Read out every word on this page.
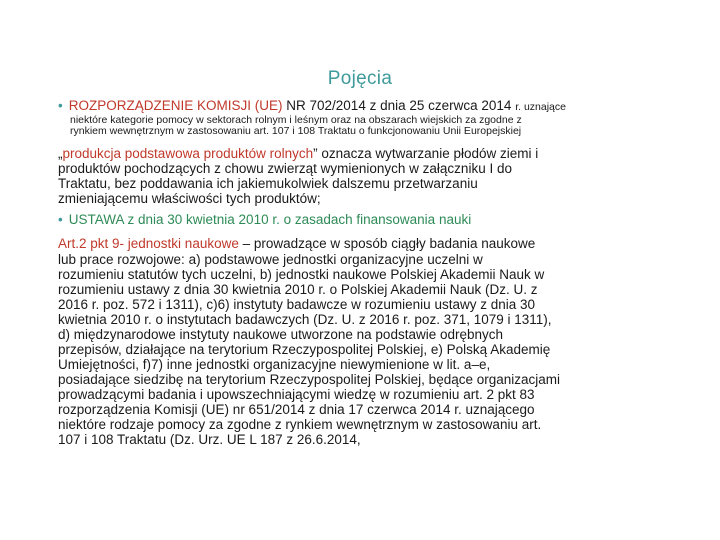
Pojęcia
• ROZPORZĄDZENIE KOMISJI (UE) NR 702/2014 z dnia 25 czerwca 2014 r. uznające
niektóre kategorie pomocy w sektorach rolnym i leśnym oraz na obszarach wiejskich za zgodne z
rynkiem wewnętrznym w zastosowaniu art. 107 i 108 Traktatu o funkcjonowaniu Unii Europejskiej
„produkcja podstawowa produktów rolnych” oznacza wytwarzanie płodów ziemi i
produktów pochodzących z chowu zwierząt wymienionych w załączniku I do
Traktatu, bez poddawania ich jakiemukolwiek dalszemu przetwarzaniu
zmieniającemu właściwości tych produktów;
• USTAWA z dnia 30 kwietnia 2010 r. o zasadach finansowania nauki
Art.2 pkt 9- jednostki naukowe – prowadzące w sposób ciągły badania naukowe
lub prace rozwojowe: a) podstawowe jednostki organizacyjne uczelni w
rozumieniu statutów tych uczelni, b) jednostki naukowe Polskiej Akademii Nauk w
rozumieniu ustawy z dnia 30 kwietnia 2010 r. o Polskiej Akademii Nauk (Dz. U. z
2016 r. poz. 572 i 1311), c)6) instytuty badawcze w rozumieniu ustawy z dnia 30
kwietnia 2010 r. o instytutach badawczych (Dz. U. z 2016 r. poz. 371, 1079 i 1311),
d) międzynarodowe instytuty naukowe utworzone na podstawie odrębnych
przepisów, działające na terytorium Rzeczypospolitej Polskiej, e) Polską Akademię
Umiejętności, f)7) inne jednostki organizacyjne niewymienione w lit. a–e,
posiadające siedzibę na terytorium Rzeczypospolitej Polskiej, będące organizacjami
prowadzącymi badania i upowszechniającymi wiedzę w rozumieniu art. 2 pkt 83
rozporządzenia Komisji (UE) nr 651/2014 z dnia 17 czerwca 2014 r. uznającego
niektóre rodzaje pomocy za zgodne z rynkiem wewnętrznym w zastosowaniu art.
107 i 108 Traktatu (Dz. Urz. UE L 187 z 26.6.2014,
